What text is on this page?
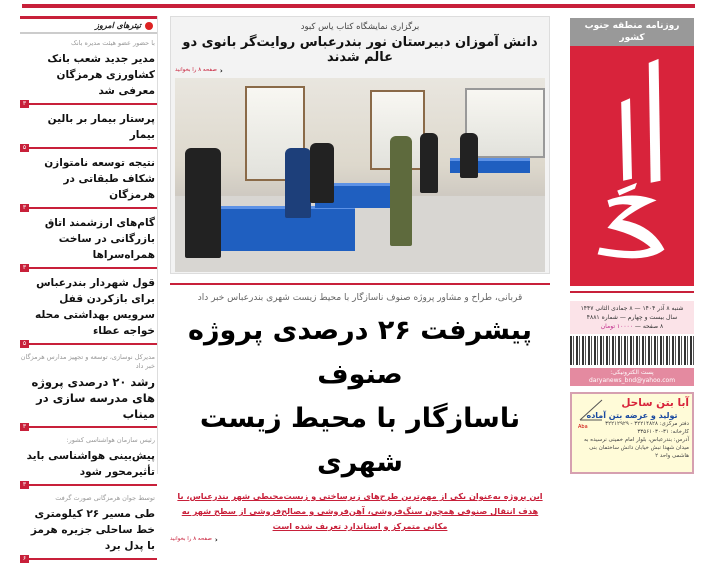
تیترهای امروز
با حضور عضو هیئت مدیره بانک
مدیر جدید شعب بانک کشاورزی هرمزگان معرفی شد
۳
پرستار بیمار بر بالین بیمار
۵
نتیجه توسعه نامتوازن شکاف طبقاتی در هرمزگان
۳
گام‌های ارزشمند اتاق بازرگانی در ساخت همراه‌سراها
۳
قول شهردار بندرعباس برای بازکردن قفل سرویس بهداشتی محله خواجه عطاء
۵
مدیرکل نوسازی، توسعه و تجهیز مدارس هرمزگان خبر داد
رشد ۲۰ درصدی پروژه های مدرسه سازی در میناب
۳
رئیس سازمان هواشناسی کشور:
پیش‌بینی هواشناسی باید تأثیرمحور شود
۳
توسط جوان هرمزگانی صورت گرفت
طی مسیر ۲۶ کیلومتری خط ساحلی جزیره هرمز با پدل برد
۶
برگزاری نمایشگاه کتاب یاس کبود
دانش آموزان دبیرستان نور بندرعباس روایت‌گر بانوی دو عالم شدند
‹
صفحه ۸ را بخوانید
قربانی، طراح و مشاور پروژه صنوف ناسازگار با محیط زیست شهری بندرعباس خبر داد
پیشرفت ۲۶ درصدی پروژه صنوف
ناسازگار با محیط زیست شهری
این پروژه به‌عنوان یکی از مهم‌ترین طرح‌های زیرساختی و زیست‌محیطی شهر بندرعباس، با هدف انتقال صنوفی همچون سنگ‌فروشی، آهن‌فروشی و مصالح‌فروشی از سطح شهر به مکانی متمرکز و استاندارد تعریف شده است
‹
صفحه ۸ را بخوانید
روزنامه منطقه جنوب کشور
شنبه ۸ آذر ۱۴۰۴ — ۸ جمادی الثانی ۱۴۴۷
سال بیست و چهارم — شماره ۴۸۸۱
۸ صفحه — ۱۰۰۰۰ تومان
پست الکترونیکی: daryanews_bnd@yahoo.com
Aba
آبا بتن ساحل
تولید و عرضه بتن آماده
دفتر مرکزی: ۳۲۲۱۴۸۲۸ - ۳۲۲۱۲۹۲۹
کارخانه: ۳۱-۳۳۵۶۱۰۳۰
آدرس: بندرعباس، بلوار امام خمینی نرسیده به میدان شهدا نبش خیابان دانش ساختمان بنی هاشمی واحد ۲
